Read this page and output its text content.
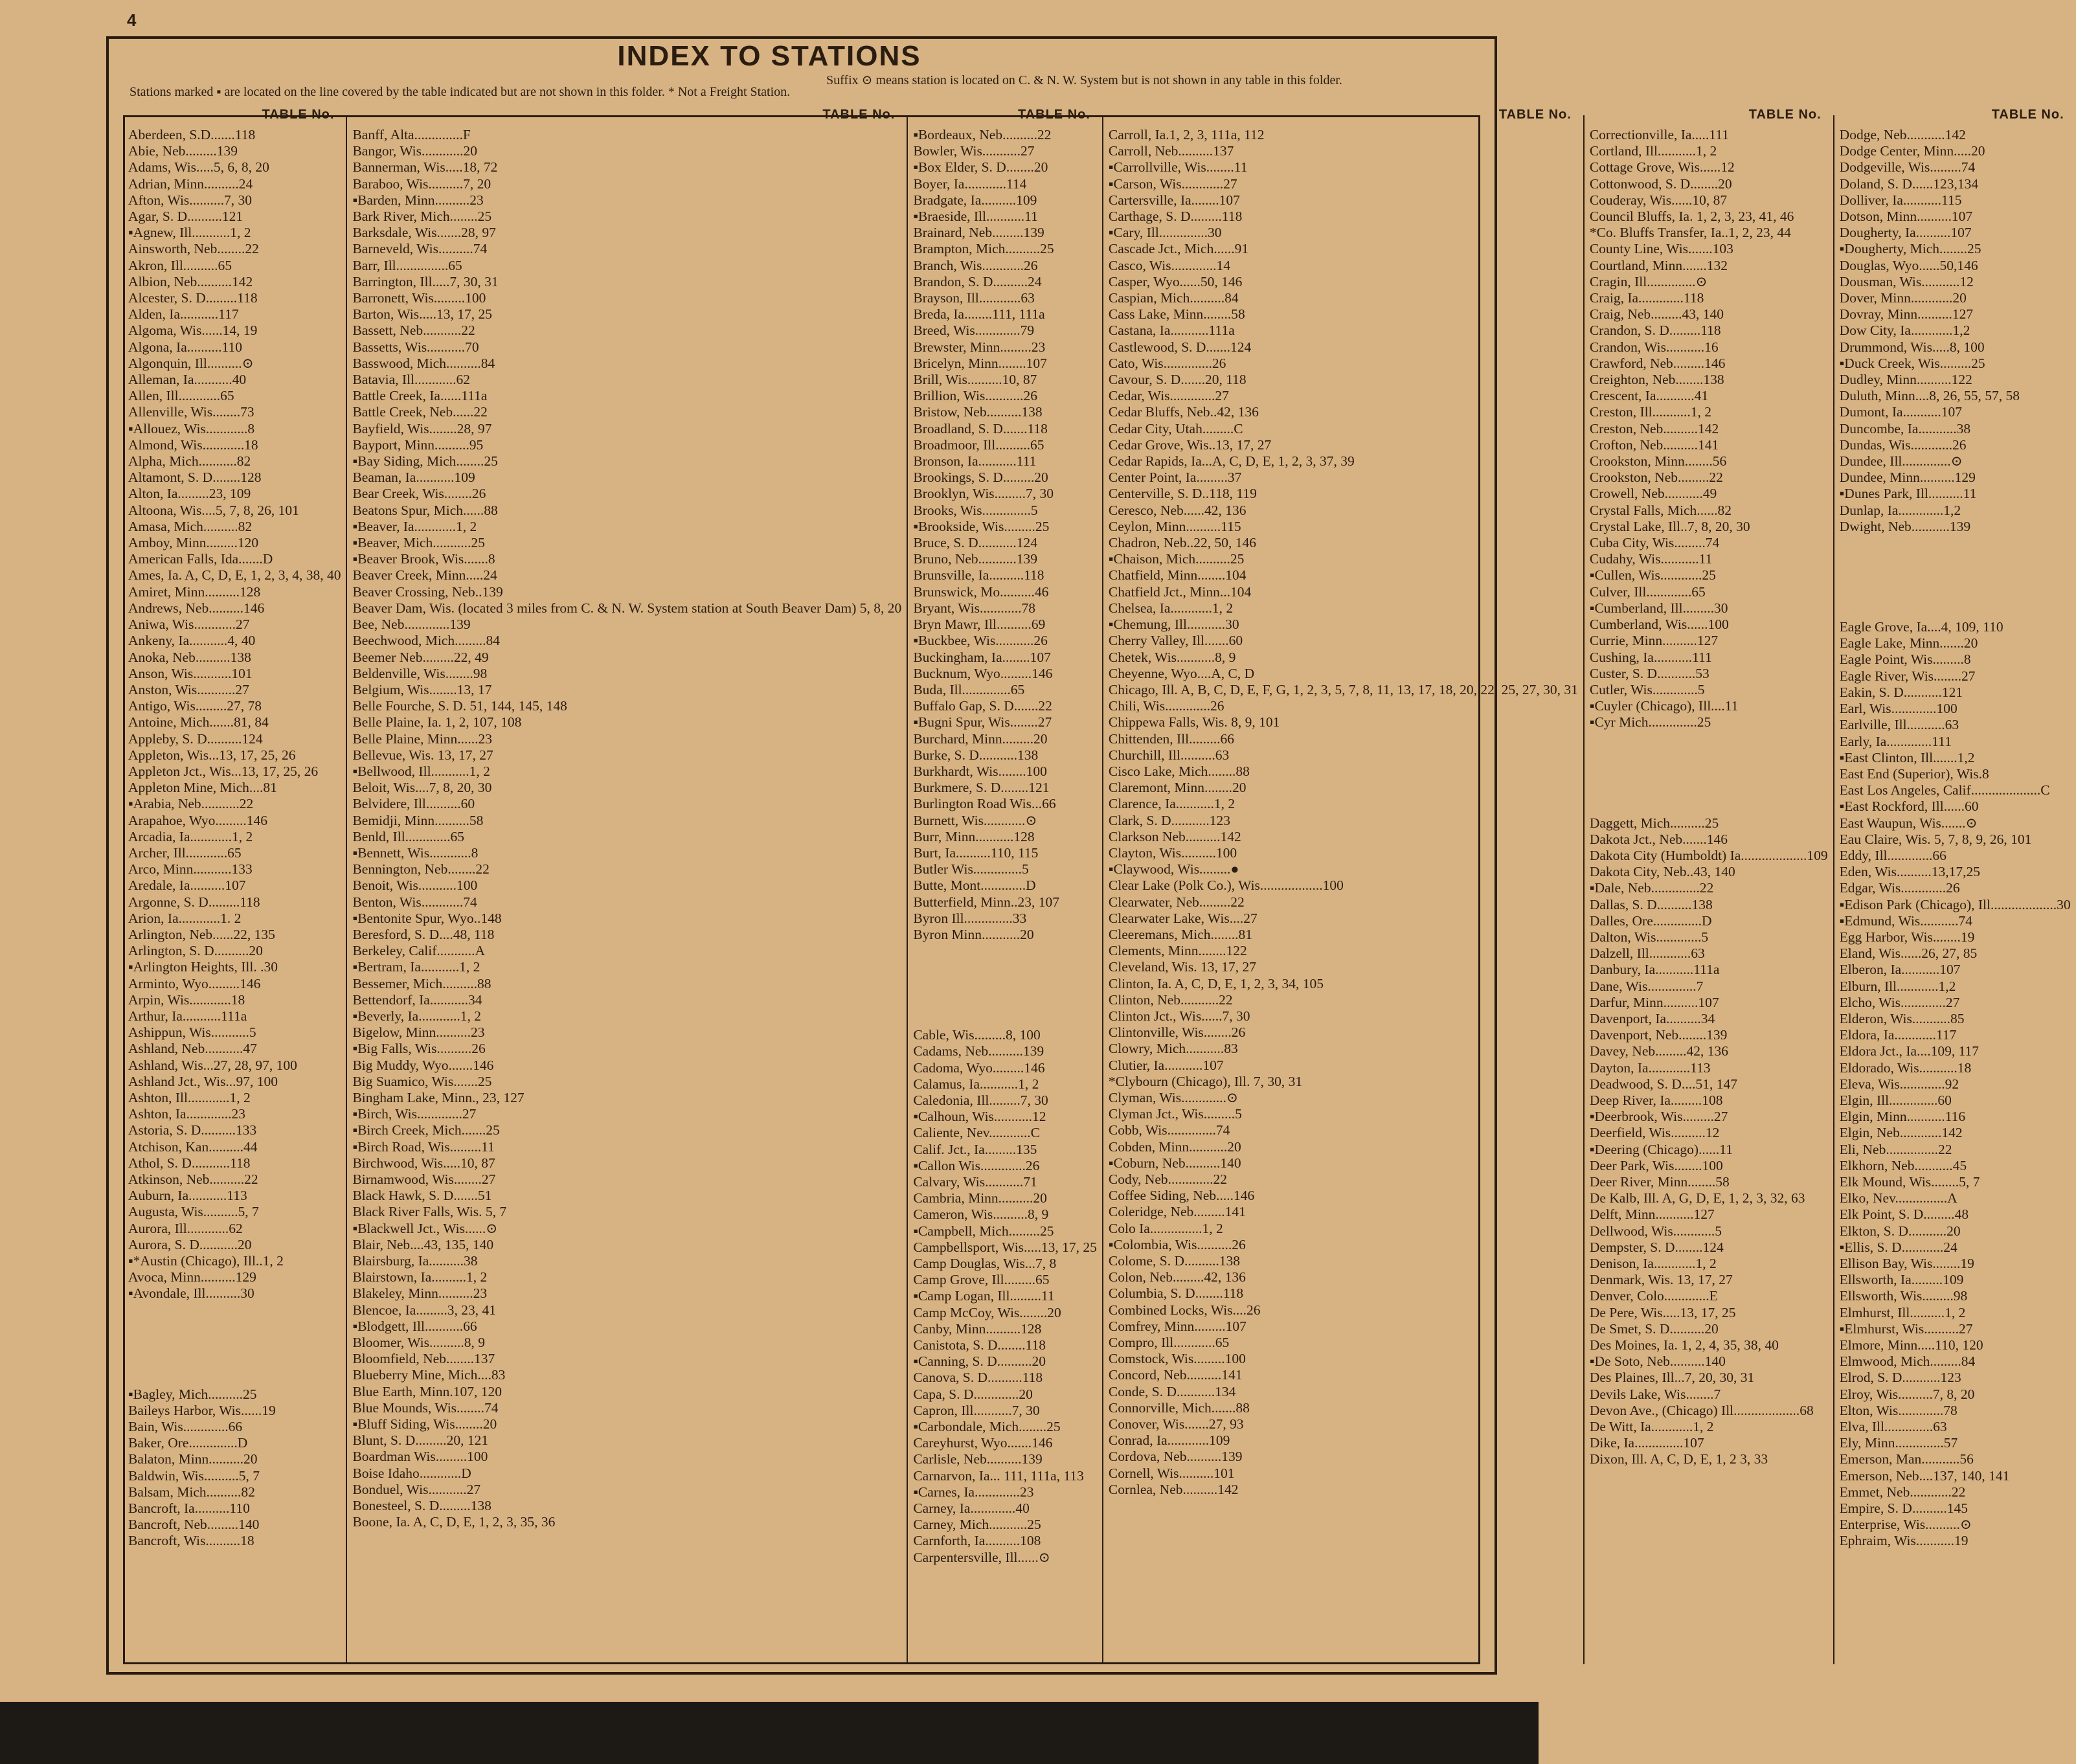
4
INDEX TO STATIONS
Stations marked ▪ are located on the line covered by the table indicated but are not shown in this folder. * Not a Freight Station.
Suffix ⊙ means station is located on C. & N. W. System but is not shown in any table in this folder.
TABLE No.
Aberdeen, S.D.......118
Abie, Neb.........139
Adams, Wis.....5, 6, 8, 20
Adrian, Minn..........24
Afton, Wis..........7, 30
Agar, S. D..........121
▪Agnew, Ill...........1, 2
Ainsworth, Neb........22
Akron, Ill..........65
Albion, Neb..........142
Alcester, S. D.........118
Alden, Ia...........117
Algoma, Wis......14, 19
Algona, Ia..........110
Algonquin, Ill..........⊙
Alleman, Ia...........40
Allen, Ill............65
Allenville, Wis........73
▪Allouez, Wis............8
Almond, Wis............18
Alpha, Mich...........82
Altamont, S. D........128
Alton, Ia.........23, 109
Altoona, Wis....5, 7, 8, 26, 101
Amasa, Mich..........82
Amboy, Minn.........120
American Falls, Ida.......D
Ames, Ia. A, C, D, E, 1, 2, 3, 4, 38, 40
Amiret, Minn..........128
Andrews, Neb..........146
Aniwa, Wis............27
Ankeny, Ia...........4, 40
Anoka, Neb..........138
Anson, Wis...........101
Anston, Wis...........27
Antigo, Wis.........27, 78
Antoine, Mich.......81, 84
Appleby, S. D..........124
Appleton, Wis...13, 17, 25, 26
Appleton Jct., Wis...13, 17, 25, 26
Appleton Mine, Mich....81
▪Arabia, Neb...........22
Arapahoe, Wyo.........146
Arcadia, Ia............1, 2
Archer, Ill............65
Arco, Minn...........133
Aredale, Ia..........107
Argonne, S. D.........118
Arion, Ia............1. 2
Arlington, Neb......22, 135
Arlington, S. D..........20
▪Arlington Heights, Ill. .30
Arminto, Wyo.........146
Arpin, Wis............18
Arthur, Ia...........111a
Ashippun, Wis...........5
Ashland, Neb...........47
Ashland, Wis...27, 28, 97, 100
Ashland Jct., Wis...97, 100
Ashton, Ill............1, 2
Ashton, Ia.............23
Astoria, S. D..........133
Atchison, Kan..........44
Athol, S. D...........118
Atkinson, Neb..........22
Auburn, Ia...........113
Augusta, Wis..........5, 7
Aurora, Ill............62
Aurora, S. D...........20
▪*Austin (Chicago), Ill..1, 2
Avoca, Minn..........129
▪Avondale, Ill..........30
▪Bagley, Mich..........25
Baileys Harbor, Wis......19
Bain, Wis.............66
Baker, Ore..............D
Balaton, Minn..........20
Baldwin, Wis..........5, 7
Balsam, Mich..........82
Bancroft, Ia..........110
Bancroft, Neb.........140
Bancroft, Wis..........18
TABLE No.
Banff, Alta..............F
Bangor, Wis............20
Bannerman, Wis.....18, 72
Baraboo, Wis..........7, 20
▪Barden, Minn..........23
Bark River, Mich........25
Barksdale, Wis.......28, 97
Barneveld, Wis..........74
Barr, Ill...............65
Barrington, Ill.....7, 30, 31
Barronett, Wis.........100
Barton, Wis.....13, 17, 25
Bassett, Neb...........22
Bassetts, Wis...........70
Basswood, Mich..........84
Batavia, Ill............62
Battle Creek, Ia......111a
Battle Creek, Neb......22
Bayfield, Wis........28, 97
Bayport, Minn..........95
▪Bay Siding, Mich........25
Beaman, Ia...........109
Bear Creek, Wis........26
Beatons Spur, Mich......88
▪Beaver, Ia............1, 2
▪Beaver, Mich...........25
▪Beaver Brook, Wis.......8
Beaver Creek, Minn.....24
Beaver Crossing, Neb..139
Beaver Dam, Wis. (located 3 miles from C. & N. W. System station at South Beaver Dam) 5, 8, 20
Bee, Neb.............139
Beechwood, Mich.........84
Beemer Neb.........22, 49
Beldenville, Wis........98
Belgium, Wis........13, 17
Belle Fourche, S. D. 51, 144, 145, 148
Belle Plaine, Ia. 1, 2, 107, 108
Belle Plaine, Minn......23
Bellevue, Wis. 13, 17, 27
▪Bellwood, Ill...........1, 2
Beloit, Wis....7, 8, 20, 30
Belvidere, Ill..........60
Bemidji, Minn..........58
Benld, Ill.............65
▪Bennett, Wis............8
Bennington, Neb........22
Benoit, Wis...........100
Benton, Wis............74
▪Bentonite Spur, Wyo..148
Beresford, S. D....48, 118
Berkeley, Calif...........A
▪Bertram, Ia...........1, 2
Bessemer, Mich..........88
Bettendorf, Ia...........34
▪Beverly, Ia............1, 2
Bigelow, Minn..........23
▪Big Falls, Wis..........26
Big Muddy, Wyo.......146
Big Suamico, Wis.......25
Bingham Lake, Minn., 23, 127
▪Birch, Wis.............27
▪Birch Creek, Mich.......25
▪Birch Road, Wis.........11
Birchwood, Wis.....10, 87
Birnamwood, Wis........27
Black Hawk, S. D.......51
Black River Falls, Wis. 5, 7
▪Blackwell Jct., Wis......⊙
Blair, Neb....43, 135, 140
Blairsburg, Ia..........38
Blairstown, Ia..........1, 2
Blakeley, Minn..........23
Blencoe, Ia.........3, 23, 41
▪Blodgett, Ill...........66
Bloomer, Wis..........8, 9
Bloomfield, Neb........137
Blueberry Mine, Mich....83
Blue Earth, Minn.107, 120
Blue Mounds, Wis........74
▪Bluff Siding, Wis........20
Blunt, S. D.........20, 121
Boardman Wis.........100
Boise Idaho............D
Bonduel, Wis...........27
Bonesteel, S. D.........138
Boone, Ia. A, C, D, E, 1, 2, 3, 35, 36
TABLE No.
▪Bordeaux, Neb..........22
Bowler, Wis...........27
▪Box Elder, S. D........20
Boyer, Ia............114
Bradgate, Ia..........109
▪Braeside, Ill...........11
Brainard, Neb.........139
Brampton, Mich..........25
Branch, Wis............26
Brandon, S. D..........24
Brayson, Ill............63
Breda, Ia........111, 111a
Breed, Wis.............79
Brewster, Minn.........23
Bricelyn, Minn........107
Brill, Wis..........10, 87
Brillion, Wis...........26
Bristow, Neb..........138
Broadland, S. D.......118
Broadmoor, Ill..........65
Bronson, Ia...........111
Brookings, S. D.........20
Brooklyn, Wis.........7, 30
Brooks, Wis..............5
▪Brookside, Wis.........25
Bruce, S. D...........124
Bruno, Neb...........139
Brunsville, Ia..........118
Brunswick, Mo..........46
Bryant, Wis............78
Bryn Mawr, Ill..........69
▪Buckbee, Wis...........26
Buckingham, Ia........107
Bucknum, Wyo.........146
Buda, Ill..............65
Buffalo Gap, S. D.......22
▪Bugni Spur, Wis........27
Burchard, Minn.........20
Burke, S. D...........138
Burkhardt, Wis........100
Burkmere, S. D........121
Burlington Road Wis...66
Burnett, Wis............⊙
Burr, Minn...........128
Burt, Ia..........110, 115
Butler Wis..............5
Butte, Mont.............D
Butterfield, Minn..23, 107
Byron Ill..............33
Byron Minn...........20
Cable, Wis.........8, 100
Cadams, Neb..........139
Cadoma, Wyo.........146
Calamus, Ia...........1, 2
Caledonia, Ill.........7, 30
▪Calhoun, Wis...........12
Caliente, Nev............C
Calif. Jct., Ia.........135
▪Callon Wis.............26
Calvary, Wis...........71
Cambria, Minn..........20
Cameron, Wis..........8, 9
▪Campbell, Mich.........25
Campbellsport, Wis.....13, 17, 25
Camp Douglas, Wis...7, 8
Camp Grove, Ill.........65
▪Camp Logan, Ill.........11
Camp McCoy, Wis........20
Canby, Minn..........128
Canistota, S. D........118
▪Canning, S. D..........20
Canova, S. D..........118
Capa, S. D.............20
Capron, Ill...........7, 30
▪Carbondale, Mich........25
Careyhurst, Wyo.......146
Carlisle, Neb..........139
Carnarvon, Ia... 111, 111a, 113
▪Carnes, Ia.............23
Carney, Ia.............40
Carney, Mich...........25
Carnforth, Ia..........108
Carpentersville, Ill......⊙
TABLE No.
Carroll, Ia.1, 2, 3, 111a, 112
Carroll, Neb..........137
▪Carrollville, Wis........11
▪Carson, Wis............27
Cartersville, Ia........107
Carthage, S. D.........118
▪Cary, Ill..............30
Cascade Jct., Mich......91
Casco, Wis.............14
Casper, Wyo......50, 146
Caspian, Mich..........84
Cass Lake, Minn........58
Castana, Ia...........111a
Castlewood, S. D.......124
Cato, Wis..............26
Cavour, S. D.......20, 118
Cedar, Wis.............27
Cedar Bluffs, Neb..42, 136
Cedar City, Utah.........C
Cedar Grove, Wis..13, 17, 27
Cedar Rapids, Ia...A, C, D, E, 1, 2, 3, 37, 39
Center Point, Ia.........37
Centerville, S. D..118, 119
Ceresco, Neb......42, 136
Ceylon, Minn..........115
Chadron, Neb..22, 50, 146
▪Chaison, Mich..........25
Chatfield, Minn........104
Chatfield Jct., Minn...104
Chelsea, Ia............1, 2
▪Chemung, Ill...........30
Cherry Valley, Ill.......60
Chetek, Wis...........8, 9
Cheyenne, Wyo....A, C, D
Chicago, Ill. A, B, C, D, E, F, G, 1, 2, 3, 5, 7, 8, 11, 13, 17, 18, 20, 22, 25, 27, 30, 31
Chili, Wis.............26
Chippewa Falls, Wis. 8, 9, 101
Chittenden, Ill.........66
Churchill, Ill..........63
Cisco Lake, Mich........88
Claremont, Minn........20
Clarence, Ia...........1, 2
Clark, S. D...........123
Clarkson Neb..........142
Clayton, Wis..........100
▪Claywood, Wis.........●
Clear Lake (Polk Co.), Wis..................100
Clearwater, Neb.........22
Clearwater Lake, Wis....27
Cleeremans, Mich........81
Clements, Minn........122
Cleveland, Wis. 13, 17, 27
Clinton, Ia. A, C, D, E, 1, 2, 3, 34, 105
Clinton, Neb...........22
Clinton Jct., Wis......7, 30
Clintonville, Wis........26
Clowry, Mich...........83
Clutier, Ia...........107
*Clybourn (Chicago), Ill. 7, 30, 31
Clyman, Wis.............⊙
Clyman Jct., Wis.........5
Cobb, Wis..............74
Cobden, Minn...........20
▪Coburn, Neb..........140
Cody, Neb.............22
Coffee Siding, Neb.....146
Coleridge, Neb.........141
Colo Ia...............1, 2
▪Colombia, Wis..........26
Colome, S. D..........138
Colon, Neb.........42, 136
Columbia, S. D........118
Combined Locks, Wis....26
Comfrey, Minn.........107
Compro, Ill............65
Comstock, Wis.........100
Concord, Neb..........141
Conde, S. D...........134
Connorville, Mich.......88
Conover, Wis.......27, 93
Conrad, Ia............109
Cordova, Neb..........139
Cornell, Wis..........101
Cornlea, Neb..........142
TABLE No.
Correctionville, Ia.....111
Cortland, Ill...........1, 2
Cottage Grove, Wis......12
Cottonwood, S. D........20
Couderay, Wis......10, 87
Council Bluffs, Ia. 1, 2, 3, 23, 41, 46
*Co. Bluffs Transfer, Ia..1, 2, 23, 44
County Line, Wis.......103
Courtland, Minn.......132
Cragin, Ill..............⊙
Craig, Ia.............118
Craig, Neb.........43, 140
Crandon, S. D.........118
Crandon, Wis...........16
Crawford, Neb.........146
Creighton, Neb........138
Crescent, Ia...........41
Creston, Ill...........1, 2
Creston, Neb..........142
Crofton, Neb..........141
Crookston, Minn........56
Crookston, Neb.........22
Crowell, Neb...........49
Crystal Falls, Mich......82
Crystal Lake, Ill..7, 8, 20, 30
Cuba City, Wis.........74
Cudahy, Wis...........11
▪Cullen, Wis............25
Culver, Ill.............65
▪Cumberland, Ill.........30
Cumberland, Wis......100
Currie, Minn..........127
Cushing, Ia...........111
Custer, S. D...........53
Cutler, Wis.............5
▪Cuyler (Chicago), Ill....11
▪Cyr Mich..............25
Daggett, Mich..........25
Dakota Jct., Neb.......146
Dakota City (Humboldt) Ia...................109
Dakota City, Neb..43, 140
▪Dale, Neb..............22
Dallas, S. D..........138
Dalles, Ore..............D
Dalton, Wis.............5
Dalzell, Ill............63
Danbury, Ia...........111a
Dane, Wis..............7
Darfur, Minn..........107
Davenport, Ia..........34
Davenport, Neb........139
Davey, Neb.........42, 136
Dayton, Ia............113
Deadwood, S. D....51, 147
Deep River, Ia.........108
▪Deerbrook, Wis.........27
Deerfield, Wis..........12
▪Deering (Chicago)......11
Deer Park, Wis........100
Deer River, Minn........58
De Kalb, Ill. A, G, D, E, 1, 2, 3, 32, 63
Delft, Minn...........127
Dellwood, Wis............5
Dempster, S. D........124
Denison, Ia............1, 2
Denmark, Wis. 13, 17, 27
Denver, Colo.............E
De Pere, Wis.....13, 17, 25
De Smet, S. D..........20
Des Moines, Ia. 1, 2, 4, 35, 38, 40
▪De Soto, Neb..........140
Des Plaines, Ill...7, 20, 30, 31
Devils Lake, Wis........7
Devon Ave., (Chicago) Ill...................68
De Witt, Ia............1, 2
Dike, Ia..............107
Dixon, Ill. A, C, D, E, 1, 2 3, 33
TABLE No.
Dodge, Neb...........142
Dodge Center, Minn.....20
Dodgeville, Wis.........74
Doland, S. D......123,134
Dolliver, Ia...........115
Dotson, Minn..........107
Dougherty, Ia..........107
▪Dougherty, Mich........25
Douglas, Wyo......50,146
Dousman, Wis...........12
Dover, Minn............20
Dovray, Minn..........127
Dow City, Ia............1,2
Drummond, Wis.....8, 100
▪Duck Creek, Wis.........25
Dudley, Minn..........122
Duluth, Minn....8, 26, 55, 57, 58
Dumont, Ia...........107
Duncombe, Ia...........38
Dundas, Wis............26
Dundee, Ill..............⊙
Dundee, Minn..........129
▪Dunes Park, Ill..........11
Dunlap, Ia.............1,2
Dwight, Neb...........139
Eagle Grove, Ia....4, 109, 110
Eagle Lake, Minn.......20
Eagle Point, Wis.........8
Eagle River, Wis........27
Eakin, S. D...........121
Earl, Wis.............100
Earlville, Ill...........63
Early, Ia.............111
▪East Clinton, Ill.......1,2
East End (Superior), Wis.8
East Los Angeles, Calif....................C
▪East Rockford, Ill......60
East Waupun, Wis.......⊙
Eau Claire, Wis. 5, 7, 8, 9, 26, 101
Eddy, Ill.............66
Eden, Wis..........13,17,25
Edgar, Wis.............26
▪Edison Park (Chicago), Ill...................30
▪Edmund, Wis...........74
Egg Harbor, Wis........19
Eland, Wis......26, 27, 85
Elberon, Ia...........107
Elburn, Ill............1,2
Elcho, Wis.............27
Elderon, Wis...........85
Eldora, Ia............117
Eldora Jct., Ia....109, 117
Eldorado, Wis...........18
Eleva, Wis.............92
Elgin, Ill..............60
Elgin, Minn...........116
Elgin, Neb............142
Eli, Neb...............22
Elkhorn, Neb...........45
Elk Mound, Wis........5, 7
Elko, Nev...............A
Elk Point, S. D.........48
Elkton, S. D...........20
▪Ellis, S. D............24
Ellison Bay, Wis........19
Ellsworth, Ia.........109
Ellsworth, Wis.........98
Elmhurst, Ill..........1, 2
▪Elmhurst, Wis..........27
Elmore, Minn.....110, 120
Elmwood, Mich.........84
Elrod, S. D...........123
Elroy, Wis..........7, 8, 20
Elton, Wis.............78
Elva, Ill..............63
Ely, Minn..............57
Emerson, Man...........56
Emerson, Neb....137, 140, 141
Emmet, Neb............22
Empire, S. D..........145
Enterprise, Wis..........⊙
Ephraim, Wis...........19
